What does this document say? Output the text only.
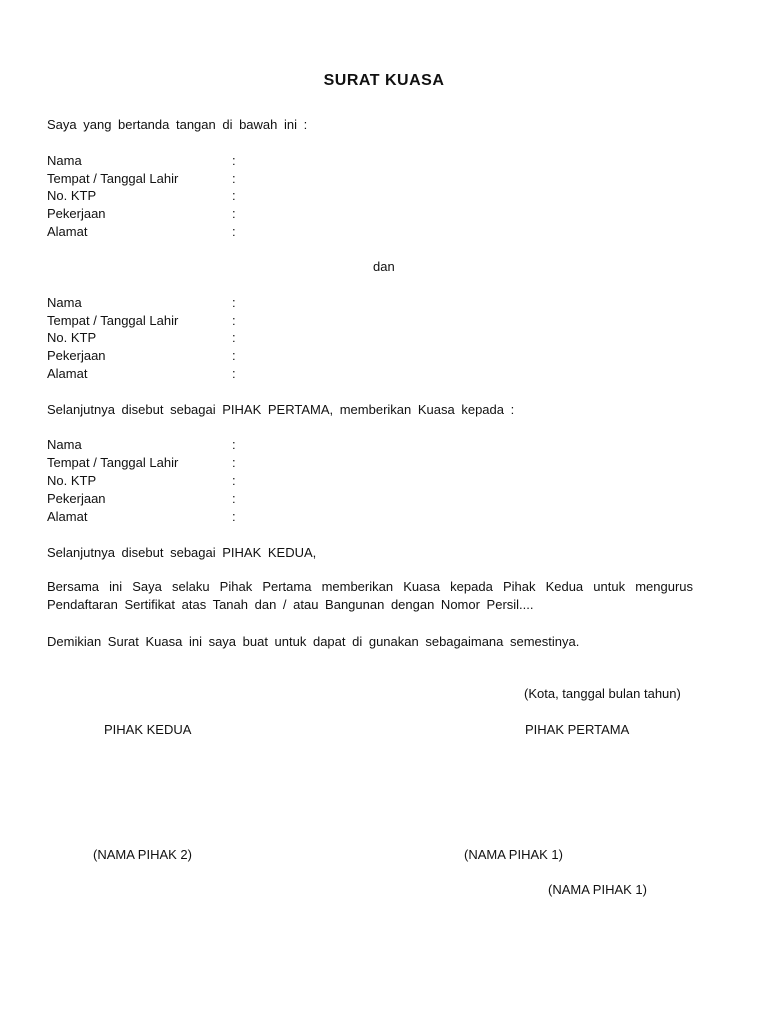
SURAT KUASA
Saya yang bertanda tangan di bawah ini :
Nama	:
Tempat / Tanggal Lahir	:
No. KTP	:
Pekerjaan	:
Alamat	:
dan
Nama	:
Tempat / Tanggal Lahir	:
No. KTP	:
Pekerjaan	:
Alamat	:
Selanjutnya disebut sebagai PIHAK PERTAMA, memberikan Kuasa kepada :
Nama	:
Tempat / Tanggal Lahir	:
No. KTP	:
Pekerjaan	:
Alamat	:
Selanjutnya disebut sebagai PIHAK KEDUA,
Bersama ini Saya selaku Pihak Pertama memberikan Kuasa kepada Pihak Kedua untuk mengurus Pendaftaran Sertifikat atas Tanah dan / atau Bangunan dengan Nomor Persil....
Demikian Surat Kuasa ini saya buat untuk dapat di gunakan sebagaimana semestinya.
(Kota, tanggal bulan tahun)
PIHAK KEDUA	PIHAK PERTAMA
(NAMA PIHAK 2)	(NAMA PIHAK 1)
(NAMA PIHAK 1)
